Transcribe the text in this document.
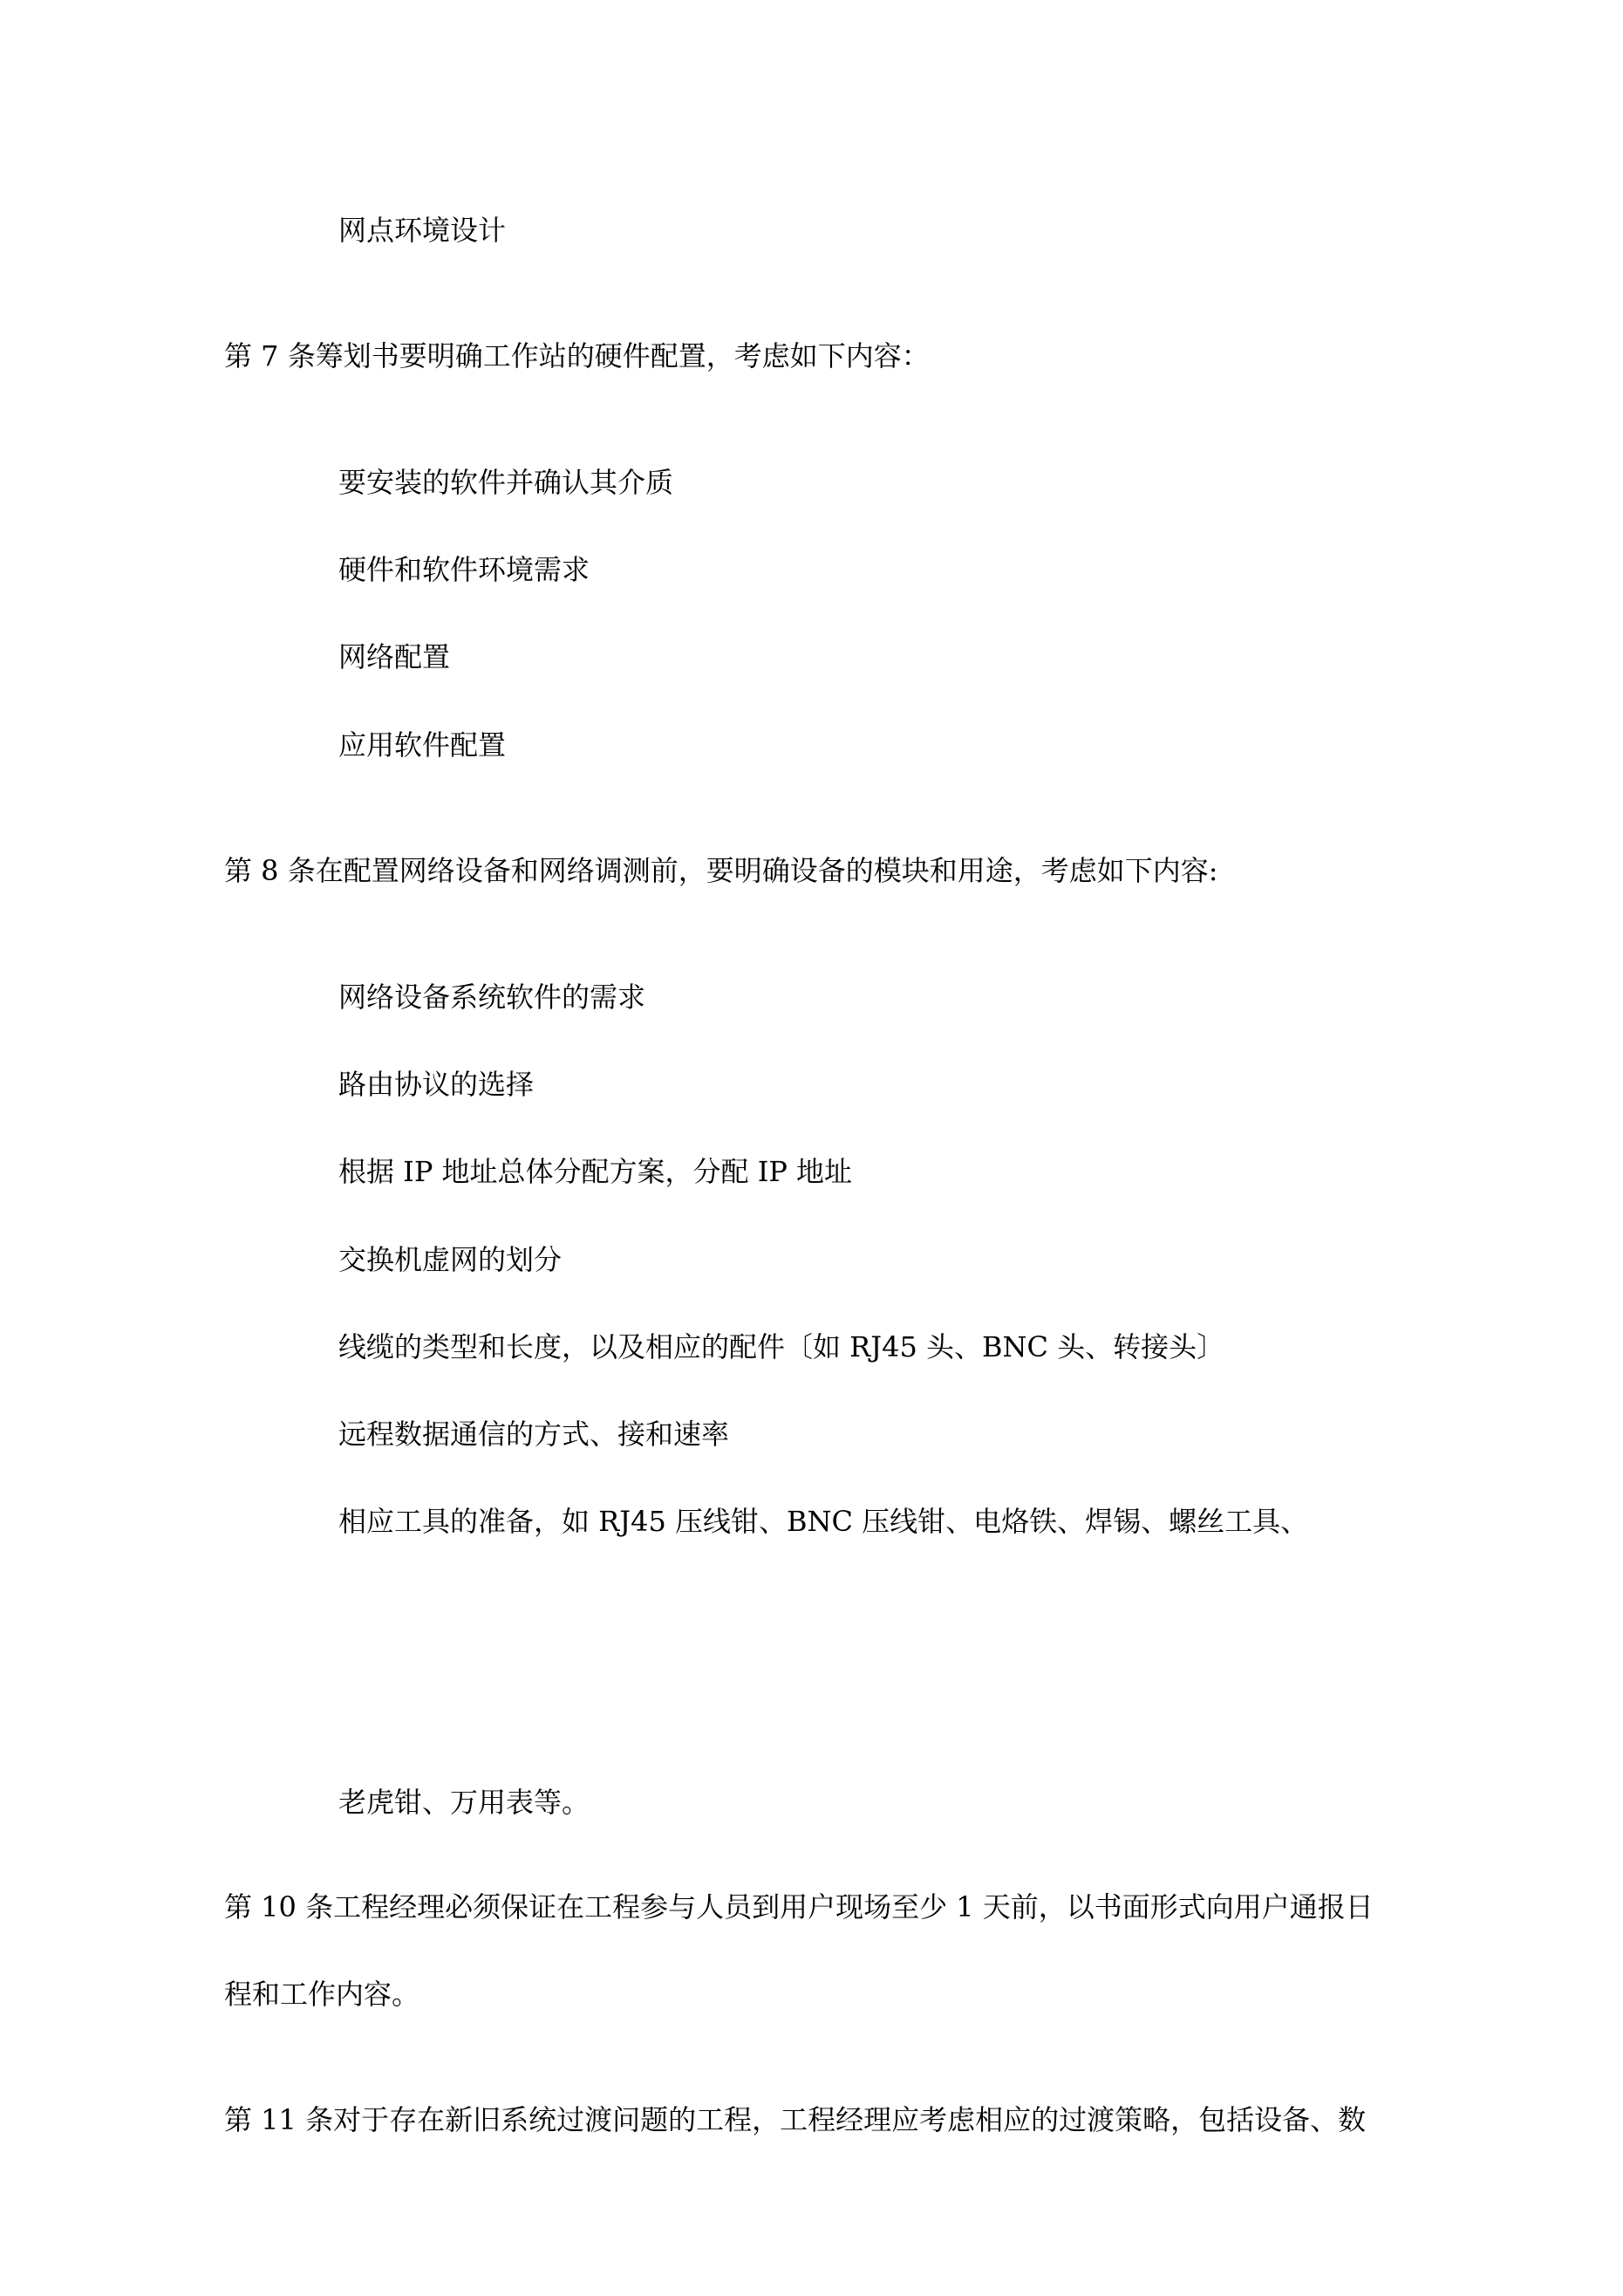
网点环境设计
第 7 条筹划书要明确工作站的硬件配置，考虑如下内容：
要安装的软件并确认其介质
硬件和软件环境需求
网络配置
应用软件配置
第 8 条在配置网络设备和网络调测前，要明确设备的模块和用途，考虑如下内容:
网络设备系统软件的需求
路由协议的选择
根据 IP 地址总体分配方案，分配 IP 地址
交换机虚网的划分
线缆的类型和长度，以及相应的配件〔如 RJ45 头、BNC 头、转接头〕
远程数据通信的方式、接和速率
相应工具的准备，如 RJ45 压线钳、BNC 压线钳、电烙铁、焊锡、螺丝工具、
老虎钳、万用表等。
第 10 条工程经理必须保证在工程参与人员到用户现场至少 1 天前，以书面形式向用户通报日
程和工作内容。
第 11 条对于存在新旧系统过渡问题的工程，工程经理应考虑相应的过渡策略，包括设备、数
